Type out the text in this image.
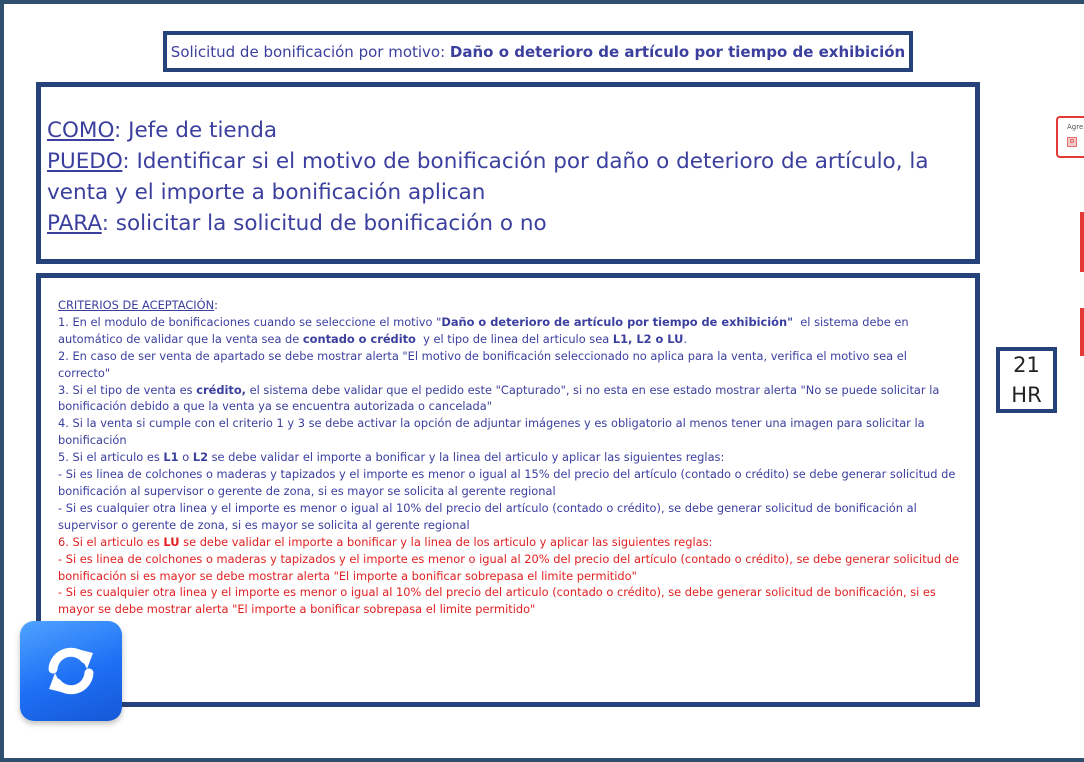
Solicitud de bonificación por motivo: Daño o deterioro de artículo por tiempo de exhibición
COMO: Jefe de tienda
PUEDO: Identificar si el motivo de bonificación por daño o deterioro de artículo, la venta y el importe a bonificación aplican
PARA: solicitar la solicitud de bonificación o no

CRITERIOS DE ACEPTACIÓN:

1. En el modulo de bonificaciones cuando se seleccione el motivo "Daño o deterioro de artículo por tiempo de exhibición"  el sistema debe en automático de validar que la venta sea de contado o crédito  y el tipo de linea del articulo sea L1, L2 o LU.

2. En caso de ser venta de apartado se debe mostrar alerta "El motivo de bonificación seleccionado no aplica para la venta, verifica el motivo sea el correcto"

3. Si el tipo de venta es crédito, el sistema debe validar que el pedido este "Capturado", si no esta en ese estado mostrar alerta "No se puede solicitar la bonificación debido a que la venta ya se encuentra autorizada o cancelada"

4. Si la venta si cumple con el criterio 1 y 3 se debe activar la opción de adjuntar imágenes y es obligatorio al menos tener una imagen para solicitar la bonificación

5. Si el articulo es L1 o L2 se debe validar el importe a bonificar y la linea del articulo y aplicar las siguientes reglas:

- Si es linea de colchones o maderas y tapizados y el importe es menor o igual al 15% del precio del artículo (contado o crédito) se debe generar solicitud de bonificación al supervisor o gerente de zona, si es mayor se solicita al gerente regional

- Si es cualquier otra linea y el importe es menor o igual al 10% del precio del artículo (contado o crédito), se debe generar solicitud de bonificación al supervisor o gerente de zona, si es mayor se solicita al gerente regional

6. Si el articulo es LU se debe validar el importe a bonificar y la linea de los articulo y aplicar las siguientes reglas:

- Si es linea de colchones o maderas y tapizados y el importe es menor o igual al 20% del precio del artículo (contado o crédito), se debe generar solicitud de bonificación si es mayor se debe mostrar alerta "El importe a bonificar sobrepasa el limite permitido"

- Si es cualquier otra linea y el importe es menor o igual al 10% del precio del articulo (contado o crédito), se debe generar solicitud de bonificación, si es mayor se debe mostrar alerta "El importe a bonificar sobrepasa el limite permitido"

21
HR
Agre
D
